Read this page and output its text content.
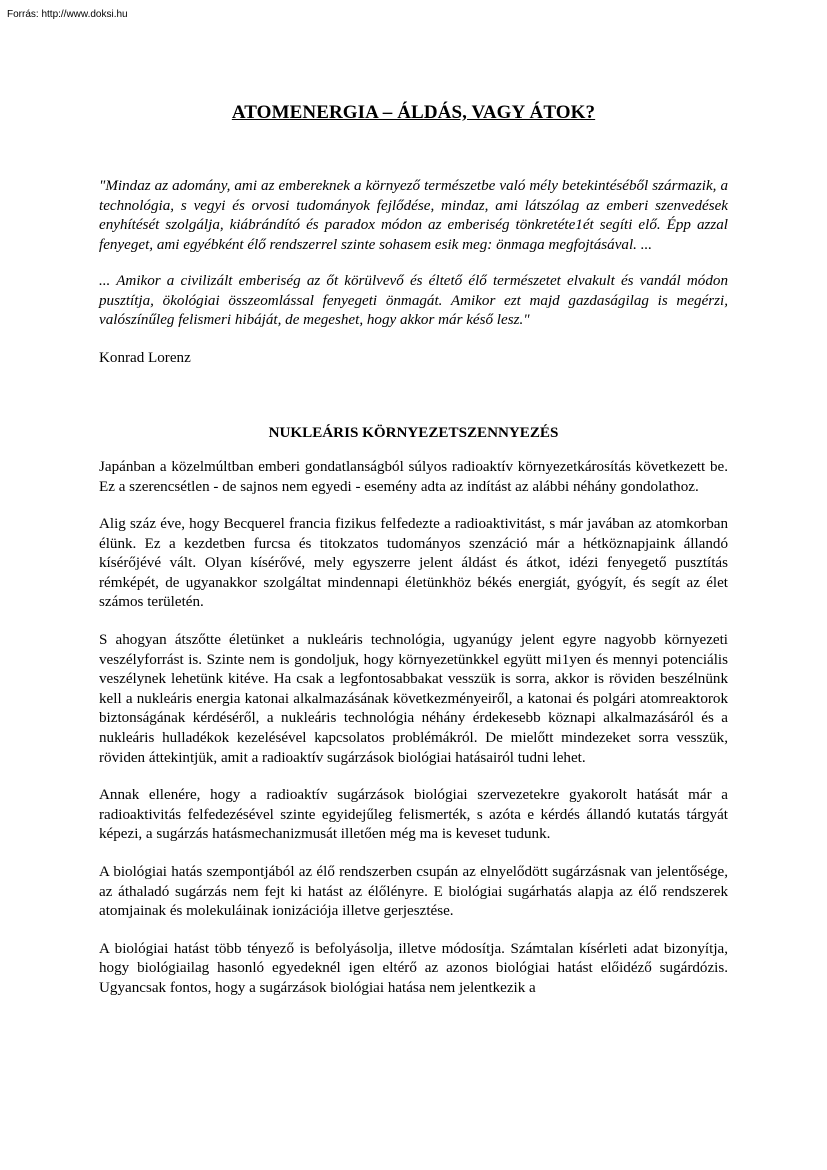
Forrás: http://www.doksi.hu
ATOMENERGIA – ÁLDÁS, VAGY ÁTOK?

"Mindaz az adomány, ami az embereknek a környező természetbe való mély betekintéséből származik, a technológia, s vegyi és orvosi tudományok fejlődése, mindaz, ami látszólag az emberi szenvedések enyhítését szolgálja, kiábrándító és paradox módon az emberiség tönkretéte1ét segíti elő. Épp azzal fenyeget, ami egyébként élő rendszerrel szinte sohasem esik meg: önmaga megfojtásával. ...

... Amikor a civilizált emberiség az őt körülvevő és éltető élő természetet elvakult és vandál módon pusztítja, ökológiai összeomlással fenyegeti önmagát. Amikor ezt majd gazdaságilag is megérzi, valószínűleg felismeri hibáját, de megeshet, hogy akkor már késő lesz."

Konrad Lorenz

NUKLEÁRIS KÖRNYEZETSZENNYEZÉS

Japánban a közelmúltban emberi gondatlanságból súlyos radioaktív környezetkárosítás következett be. Ez a szerencsétlen - de sajnos nem egyedi - esemény adta az indítást az alábbi néhány gondolathoz.

Alig száz éve, hogy Becquerel francia fizikus felfedezte a radioaktivitást, s már javában az atomkorban élünk. Ez a kezdetben furcsa és titokzatos tudományos szenzáció már a hétköznapjaink állandó kísérőjévé vált. Olyan kísérővé, mely egyszerre jelent áldást és átkot, idézi fenyegető pusztítás rémképét, de ugyanakkor szolgáltat mindennapi életünkhöz békés energiát, gyógyít, és segít az élet számos területén.

S ahogyan átszőtte életünket a nukleáris technológia, ugyanúgy jelent egyre nagyobb környezeti veszélyforrást is. Szinte nem is gondoljuk, hogy környezetünkkel együtt mi1yen és mennyi potenciális veszélynek lehetünk kitéve. Ha csak a legfontosabbakat vesszük is sorra, akkor is röviden beszélnünk kell a nukleáris energia katonai alkalmazásának következményeiről, a katonai és polgári atomreaktorok biztonságának kérdéséről, a nukleáris technológia néhány érdekesebb köznapi alkalmazásáról és a nukleáris hulladékok kezelésével kapcsolatos problémákról. De mielőtt mindezeket sorra vesszük, röviden áttekintjük, amit a radioaktív sugárzások biológiai hatásairól tudni lehet.

Annak ellenére, hogy a radioaktív sugárzások biológiai szervezetekre gyakorolt hatását már a radioaktivitás felfedezésével szinte egyidejűleg felismerték, s azóta e kérdés állandó kutatás tárgyát képezi, a sugárzás hatásmechanizmusát illetően még ma is keveset tudunk.

A biológiai hatás szempontjából az élő rendszerben csupán az elnyelődött sugárzásnak van jelentősége, az áthaladó sugárzás nem fejt ki hatást az élőlényre. E biológiai sugárhatás alapja az élő rendszerek atomjainak és molekuláinak ionizációja illetve gerjesztése.

A biológiai hatást több tényező is befolyásolja, illetve módosítja. Számtalan kísérleti adat bizonyítja, hogy biológiailag hasonló egyedeknél igen eltérő az azonos biológiai hatást előidéző sugárdózis. Ugyancsak fontos, hogy a sugárzások biológiai hatása nem jelentkezik a
